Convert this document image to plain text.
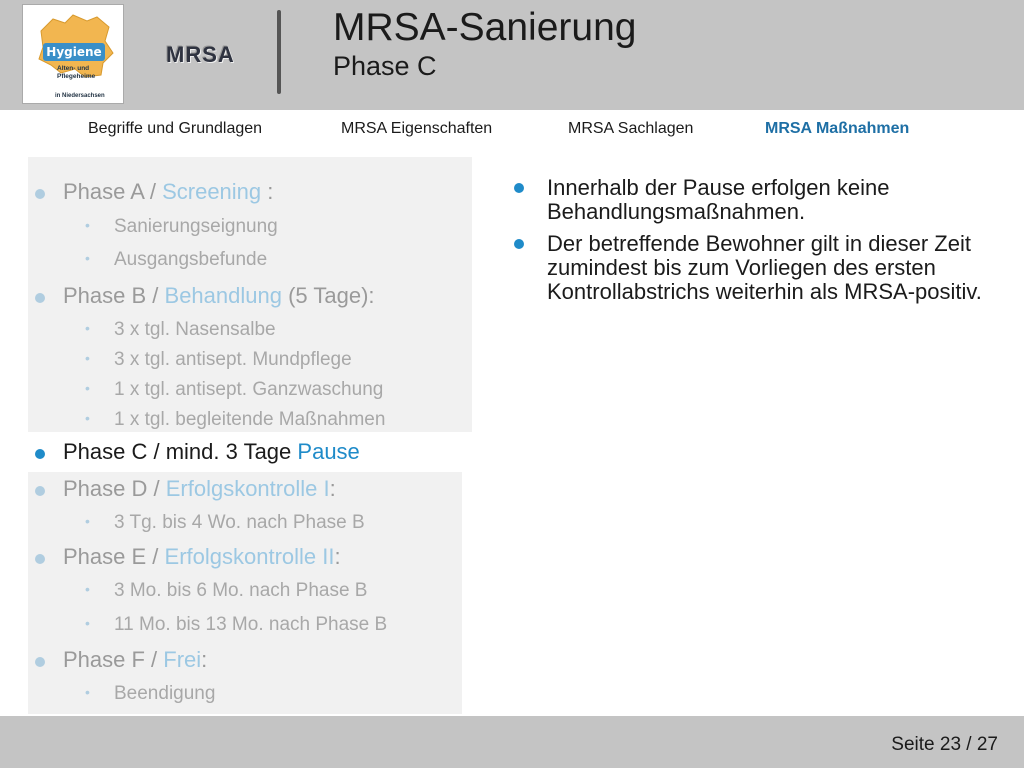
Hygiene
Alten- und Pflegeheime
in Niedersachsen
MRSA
MRSA-Sanierung
Phase C
Begriffe und Grundlagen	MRSA Eigenschaften	MRSA Sachlagen	MRSA Maßnahmen
Phase A / Screening :
• Sanierungseignung
• Ausgangsbefunde
Phase B / Behandlung (5 Tage):
• 3 x tgl. Nasensalbe
• 3 x tgl. antisept. Mundpflege
• 1 x tgl. antisept. Ganzwaschung
• 1 x tgl. begleitende Maßnahmen
Phase C / mind. 3 Tage Pause
Phase D / Erfolgskontrolle I:
• 3 Tg. bis 4 Wo. nach Phase B
Phase E / Erfolgskontrolle II:
• 3 Mo. bis 6 Mo. nach Phase B
• 11 Mo. bis 13 Mo. nach Phase B
Phase F / Frei:
• Beendigung
Innerhalb der Pause erfolgen keine Behandlungsmaßnahmen.
Der betreffende Bewohner gilt in dieser Zeit zumindest bis zum Vorliegen des ersten Kontrollabstrichs weiterhin als MRSA-positiv.
Seite 23 / 27
